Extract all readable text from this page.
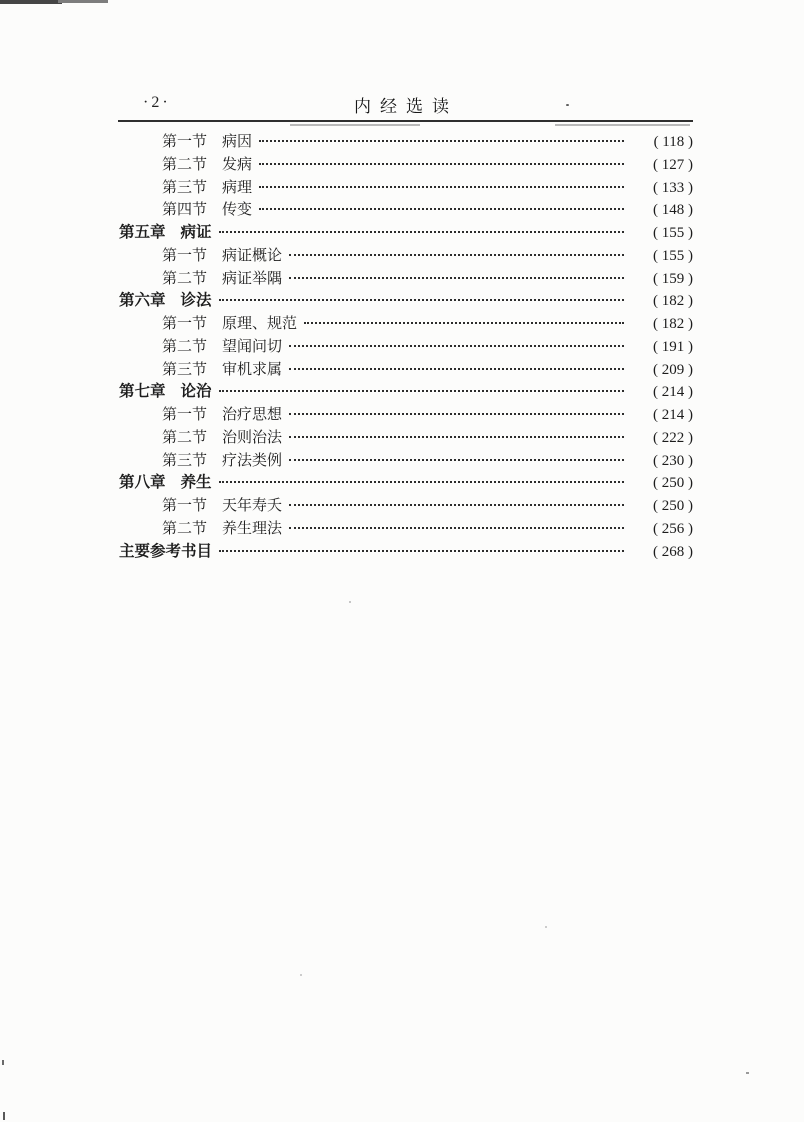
·2·	内经选读
第一节 病因	( 118 )
第二节 发病	( 127 )
第三节 病理	( 133 )
第四节 传变	( 148 )
第五章 病证	( 155 )
第一节 病证概论	( 155 )
第二节 病证举隅	( 159 )
第六章 诊法	( 182 )
第一节 原理、规范	( 182 )
第二节 望闻问切	( 191 )
第三节 审机求属	( 209 )
第七章 论治	( 214 )
第一节 治疗思想	( 214 )
第二节 治则治法	( 222 )
第三节 疗法类例	( 230 )
第八章 养生	( 250 )
第一节 天年寿夭	( 250 )
第二节 养生理法	( 256 )
主要参考书目	( 268 )
